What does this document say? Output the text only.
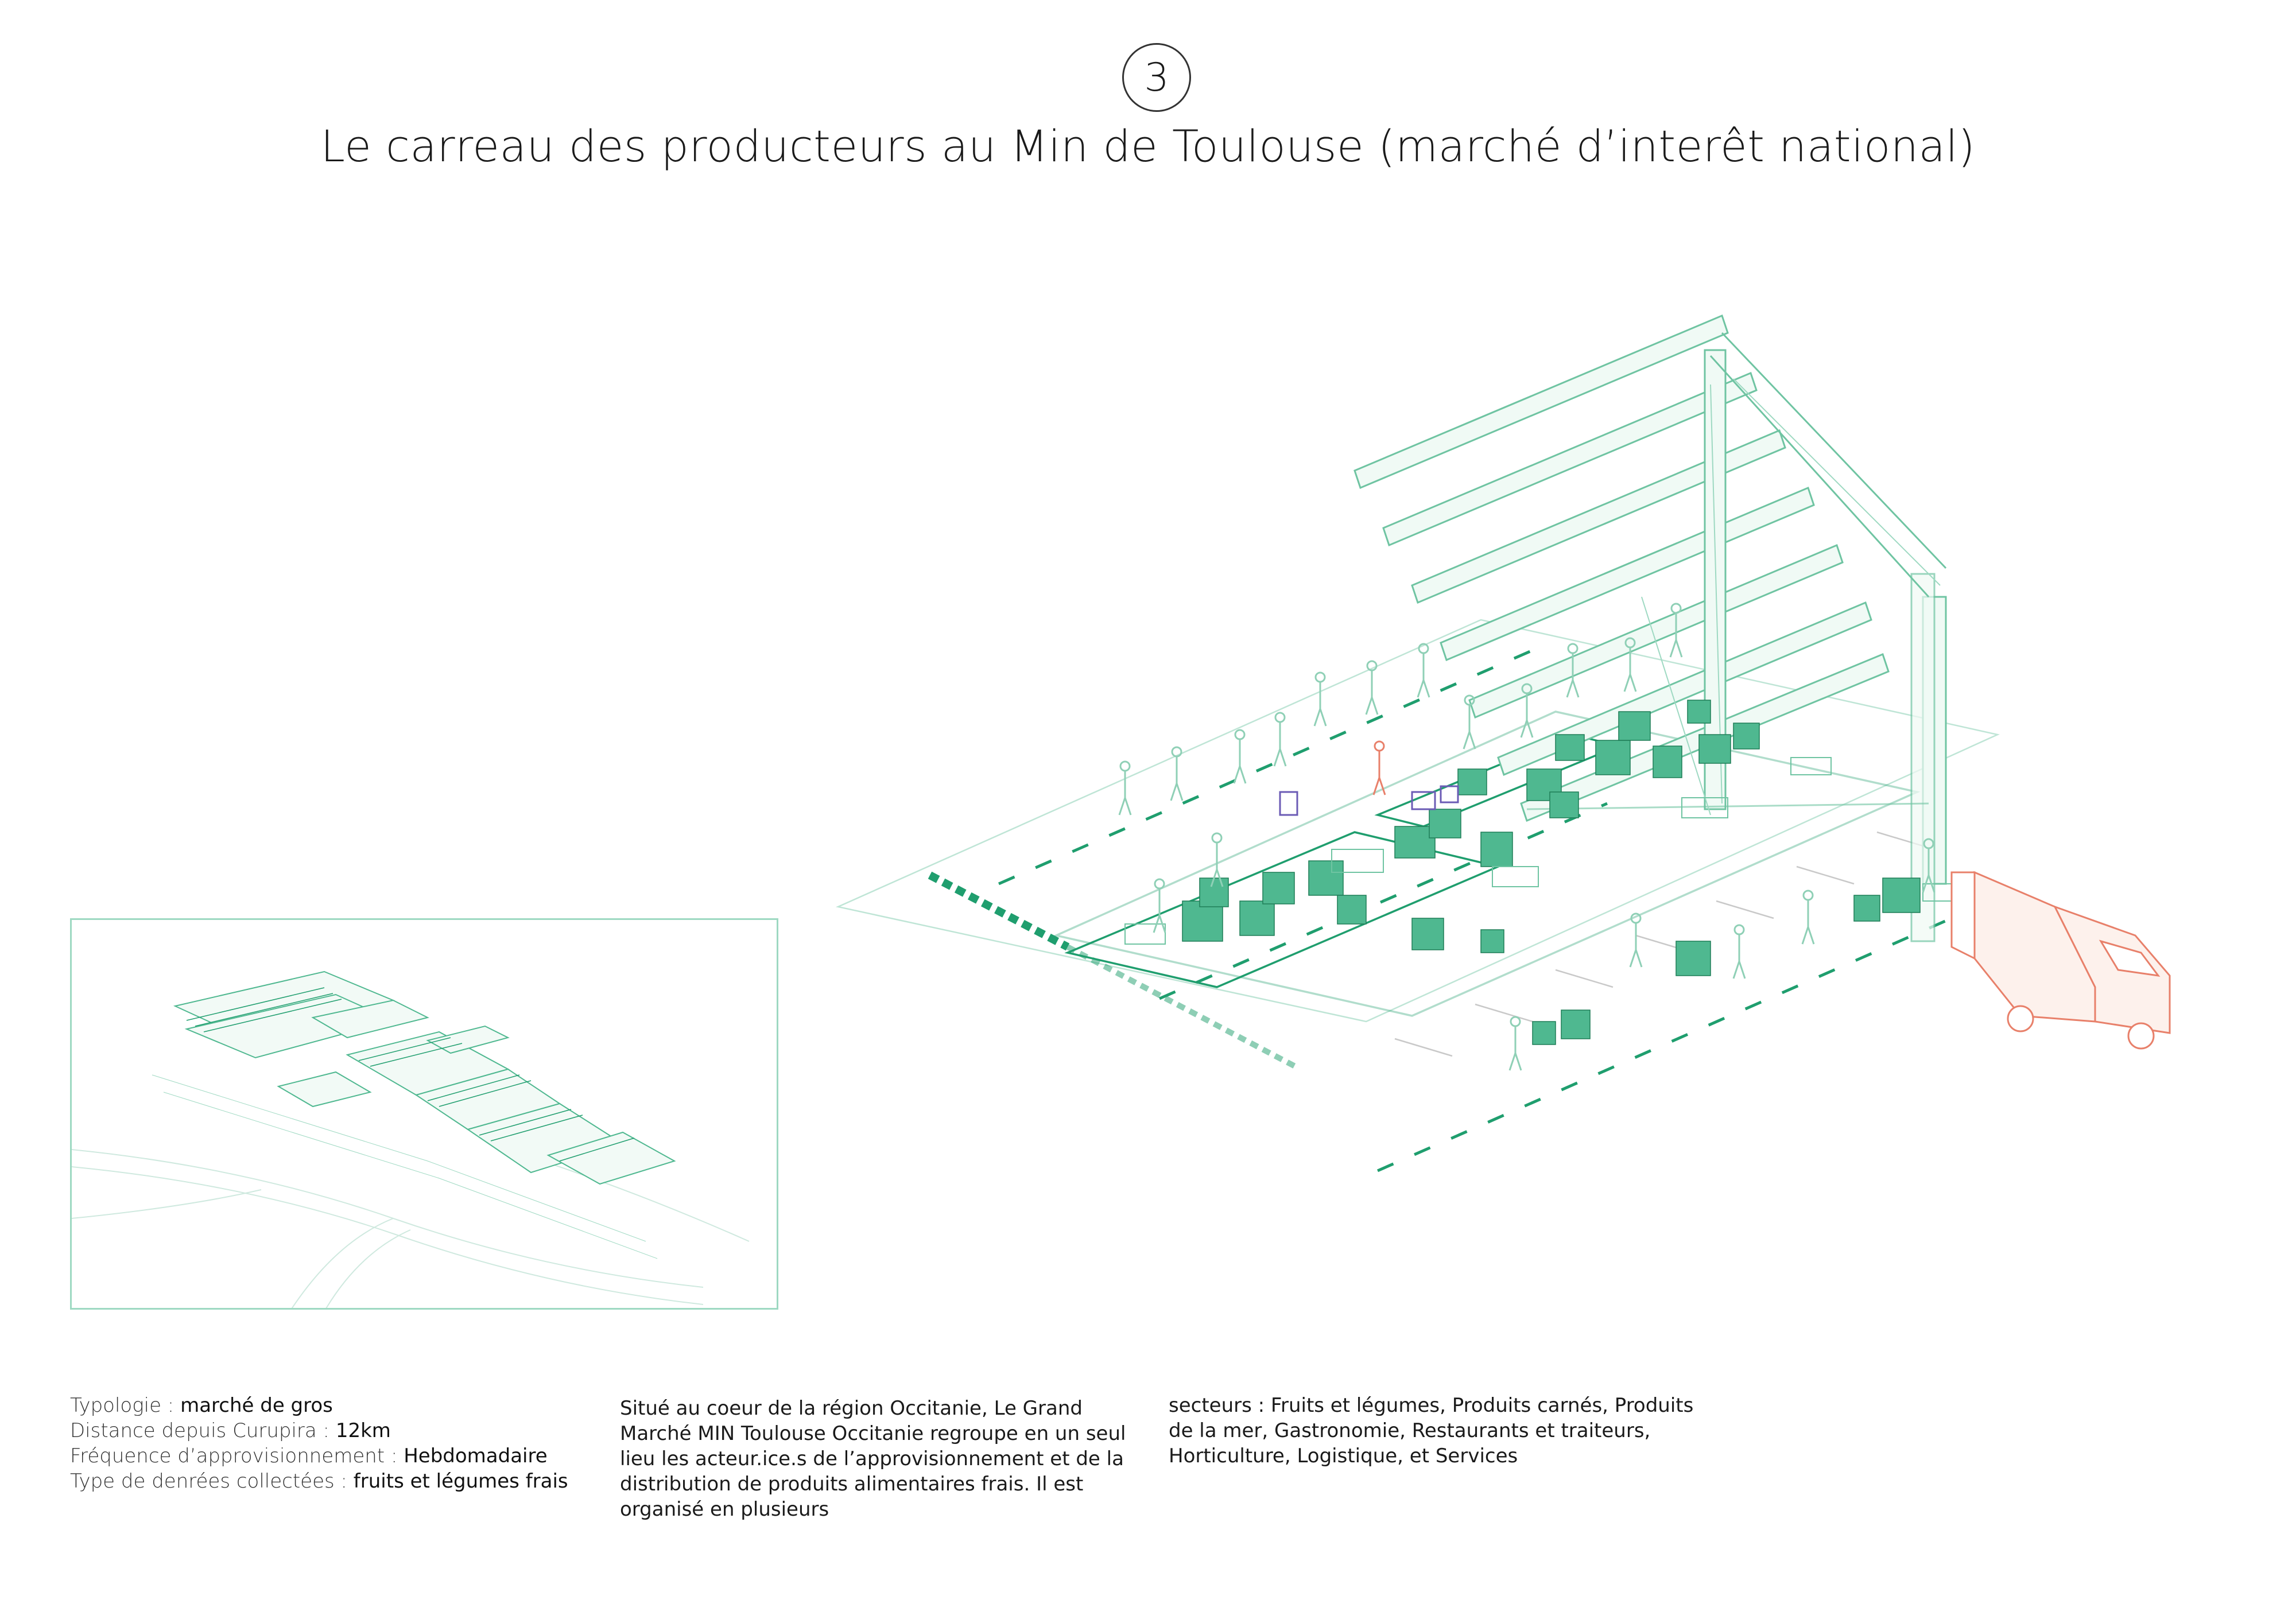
3
Le carreau des producteurs au Min de Toulouse (marché d’interêt national)
Typologie : marché de gros
Distance depuis Curupira : 12km
Fréquence d’approvisionnement : Hebdomadaire
Type de denrées collectées : fruits et légumes frais
Situé au coeur de la région Occitanie, Le Grand Marché MIN Toulouse Occitanie regroupe en un seul lieu les acteur.ice.s de l’approvisionnement et de la distribution de produits alimentaires frais. Il est organisé en plusieurs
secteurs : Fruits et légumes, Produits carnés, Produits de la mer, Gastronomie, Restaurants et traiteurs, Horticulture, Logistique, et Services
